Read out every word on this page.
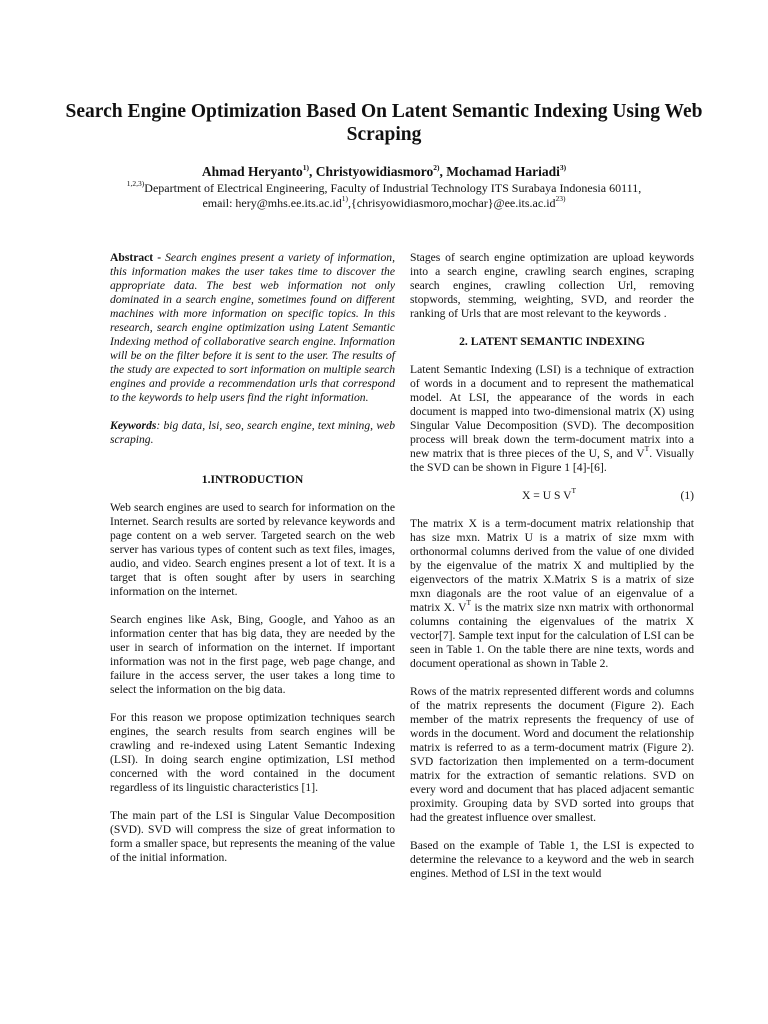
Search Engine Optimization Based On Latent Semantic Indexing Using Web Scraping
Ahmad Heryanto$^{1)}$, Christyowidiasmoro$^{2)}$, Mochamad Hariadi$^{3)}$
$^{1,2,3)}$Department of Electrical Engineering, Faculty of Industrial Technology ITS Surabaya Indonesia 60111,
email: $hery@mhs.ee.its.ac.id^{1)},\{chrisyowidiasmoro,mochar\}@ee.its.ac.id^{23)}$

Abstract - Search engines present a variety of information, this information makes the user takes time to discover the appropriate data. The best web information not only dominated in a search engine, sometimes found on different machines with more information on specific topics. In this research, search engine optimization using Latent Semantic Indexing method of collaborative search engine. Information will be on the filter before it is sent to the user. The results of the study are expected to sort information on multiple search engines and provide a recommendation urls that correspond to the keywords to help users find the right information.

Keywords: big data, lsi, seo, search engine, text mining, web scraping.

1.INTRODUCTION

Web search engines are used to search for information on the Internet. Search results are sorted by relevance keywords and page content on a web server. Targeted search on the web server has various types of content such as text files, images, audio, and video. Search engines present a lot of text. It is a target that is often sought after by users in searching information on the internet.

Search engines like Ask, Bing, Google, and Yahoo as an information center that has big data, they are needed by the user in search of information on the internet. If important information was not in the first page, web page change, and failure in the access server, the user takes a long time to select the information on the big data.

For this reason we propose optimization techniques search engines, the search results from search engines will be crawling and re-indexed using Latent Semantic Indexing (LSI). In doing search engine optimization, LSI method concerned with the word contained in the document regardless of its linguistic characteristics [1].

The main part of the LSI is Singular Value Decomposition (SVD). SVD will compress the size of great information to form a smaller space, but represents the meaning of the value of the initial information.

Stages of search engine optimization are upload keywords into a search engine, crawling search engines, scraping search engines, crawling collection Url, removing stopwords, stemming, weighting, SVD, and reorder the ranking of Urls that are most relevant to the keywords .

2. LATENT SEMANTIC INDEXING

Latent Semantic Indexing (LSI) is a technique of extraction of words in a document and to represent the mathematical model. At LSI, the appearance of the words in each document is mapped into two-dimensional matrix (X) using Singular Value Decomposition (SVD). The decomposition process will break down the term-document matrix into a new matrix that is three pieces of the U, S, and $V^T$. Visually the SVD can be shown in Figure 1 [4]-[6].

X = U S $V^T$	(1)

The matrix X is a term-document matrix relationship that has size mxn. Matrix U is a matrix of size mxm with orthonormal columns derived from the value of one divided by the eigenvalue of the matrix X and multiplied by the eigenvectors of the matrix X.Matrix S is a matrix of size mxn diagonals are the root value of an eigenvalue of a matrix X. $V^T$ is the matrix size nxn matrix with orthonormal columns containing the eigenvalues of the matrix X vector[7]. Sample text input for the calculation of LSI can be seen in Table 1. On the table there are nine texts, words and document operational as shown in Table 2.

Rows of the matrix represented different words and columns of the matrix represents the document (Figure 2). Each member of the matrix represents the frequency of use of words in the document. Word and document the relationship matrix is referred to as a term-document matrix (Figure 2). SVD factorization then implemented on a term-document matrix for the extraction of semantic relations. SVD on every word and document that has placed adjacent semantic proximity. Grouping data by SVD sorted into groups that had the greatest influence over smallest.

Based on the example of Table 1, the LSI is expected to determine the relevance to a keyword and the web in search engines. Method of LSI in the text would
